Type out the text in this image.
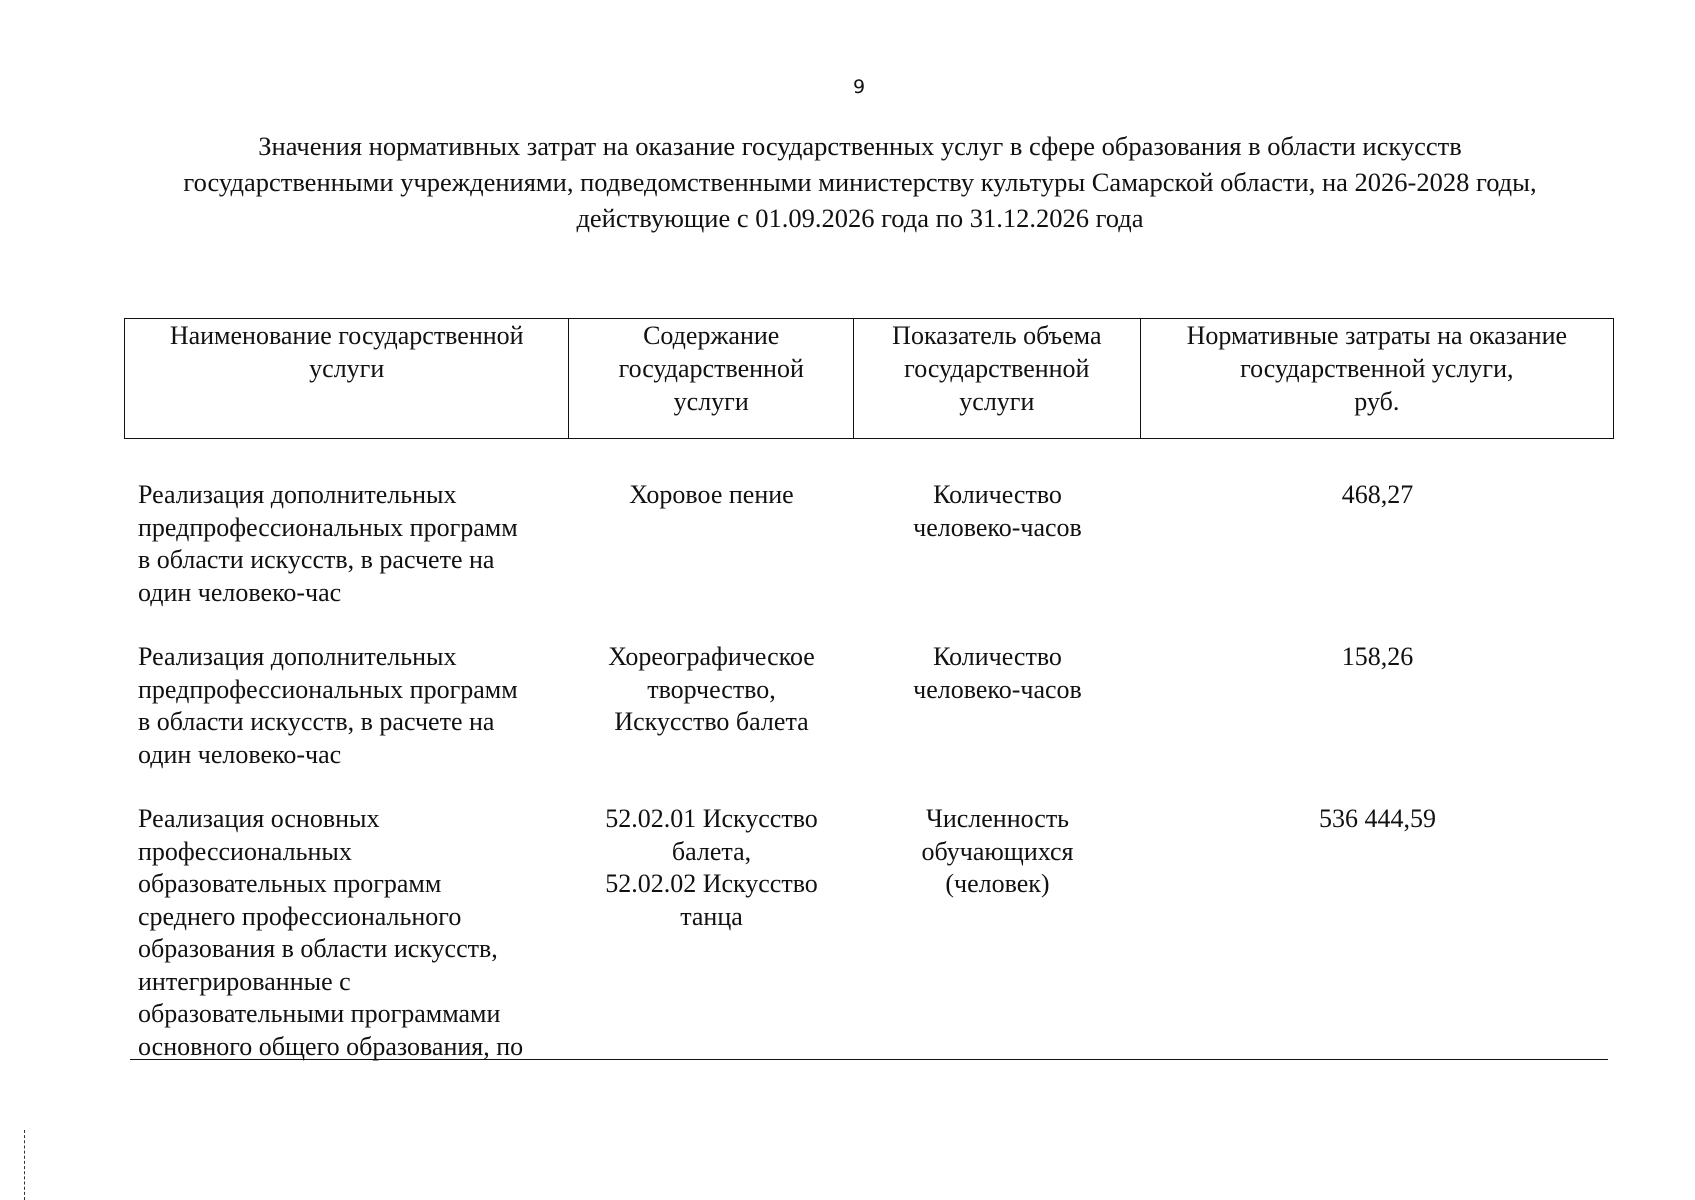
9
Значения нормативных затрат на оказание государственных услуг в сфере образования в области искусств
государственными учреждениями, подведомственными министерству культуры Самарской области, на 2026-2028 годы,
действующие с 01.09.2026 года по 31.12.2026 года
Наименование государственной
услуги
Содержание
государственной
услуги
Показатель объема
государственной
услуги
Нормативные затраты на оказание
государственной услуги,
руб.
Реализация дополнительных
предпрофессиональных программ
в области искусств, в расчете на
один человеко-час
Хоровое пение	Количество
человеко-часов
468,27
Реализация дополнительных
предпрофессиональных программ
в области искусств, в расчете на
один человеко-час
Хореографическое
творчество,
Искусство балета
Количество
человеко-часов
158,26
Реализация основных
профессиональных
образовательных программ
среднего профессионального
образования в области искусств,
интегрированные с
образовательными программами
основного общего образования, по
52.02.01 Искусство
балета,
52.02.02 Искусство
танца
Численность
обучающихся
(человек)
536 444,59
